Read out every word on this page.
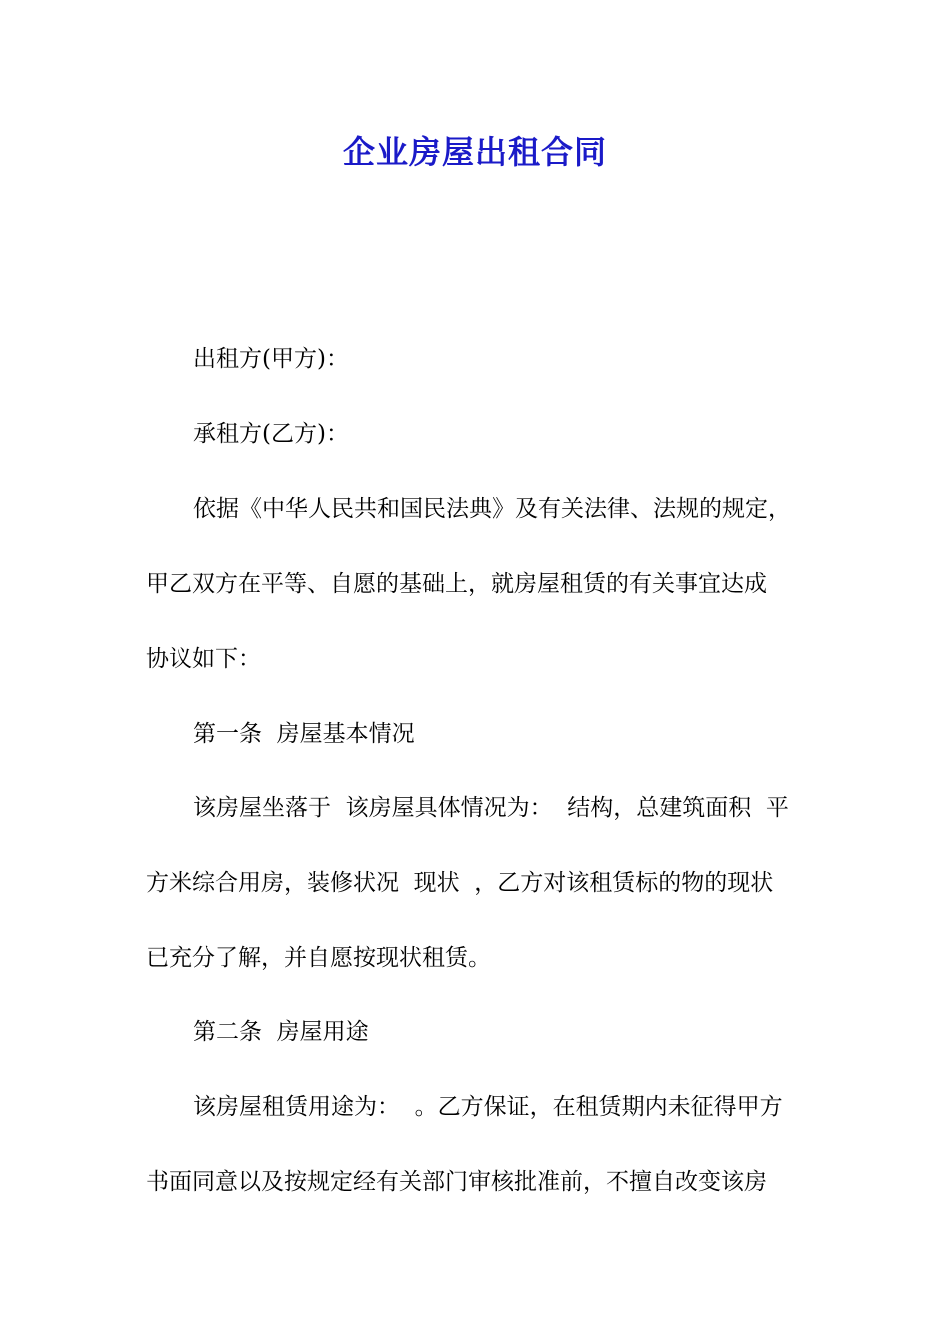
企业房屋出租合同

出租方(甲方)：

承租方(乙方)：

依据《中华人民共和国民法典》及有关法律、法规的规定，

甲乙双方在平等、自愿的基础上，就房屋租赁的有关事宜达成

协议如下：

第一条  房屋基本情况

该房屋坐落于  该房屋具体情况为：  结构，总建筑面积  平

方米综合用房，装修状况  现状  ，乙方对该租赁标的物的现状

已充分了解，并自愿按现状租赁。

第二条  房屋用途

该房屋租赁用途为：  。乙方保证，在租赁期内未征得甲方

书面同意以及按规定经有关部门审核批准前，不擅自改变该房
